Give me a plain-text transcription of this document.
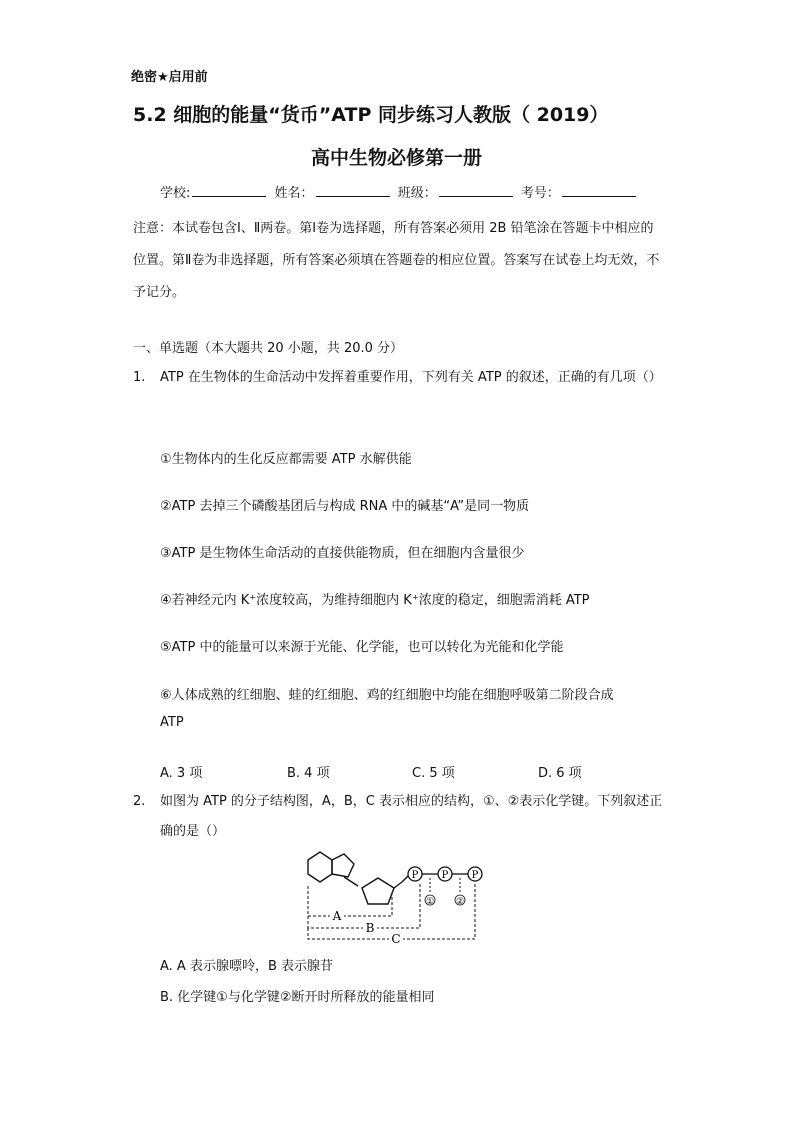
绝密★启用前
5.2 细胞的能量“货币”ATP 同步练习人教版（ 2019）
高中生物必修第一册
学校:	姓名：	班级：	考号：
注意：本试卷包含Ⅰ、Ⅱ两卷。第Ⅰ卷为选择题，所有答案必须用 2B 铅笔涂在答题卡中相应的位置。第Ⅱ卷为非选择题，所有答案必须填在答题卷的相应位置。答案写在试卷上均无效，不予记分。
一、单选题（本大题共 20 小题，共 20.0 分）
1. ATP 在生物体的生命活动中发挥着重要作用，下列有关 ATP 的叙述，正确的有几项（）
①生物体内的生化反应都需要 ATP 水解供能
②ATP 去掉三个磷酸基团后与构成 RNA 中的碱基“A”是同一物质
③ATP 是生物体生命活动的直接供能物质，但在细胞内含量很少
④若神经元内 K⁺浓度较高，为维持细胞内 K⁺浓度的稳定，细胞需消耗 ATP
⑤ATP 中的能量可以来源于光能、化学能，也可以转化为光能和化学能
⑥人体成熟的红细胞、蛙的红细胞、鸡的红细胞中均能在细胞呼吸第二阶段合成
ATP
A. 3 项	B. 4 项	C. 5 项	D. 6 项
2. 如图为 ATP 的分子结构图，A，B，C 表示相应的结构，①、②表示化学键。下列叙述正确的是（）
P P P
① ②
A
B
C
A. A 表示腺嘌呤，B 表示腺苷
B. 化学键①与化学键②断开时所释放的能量相同
